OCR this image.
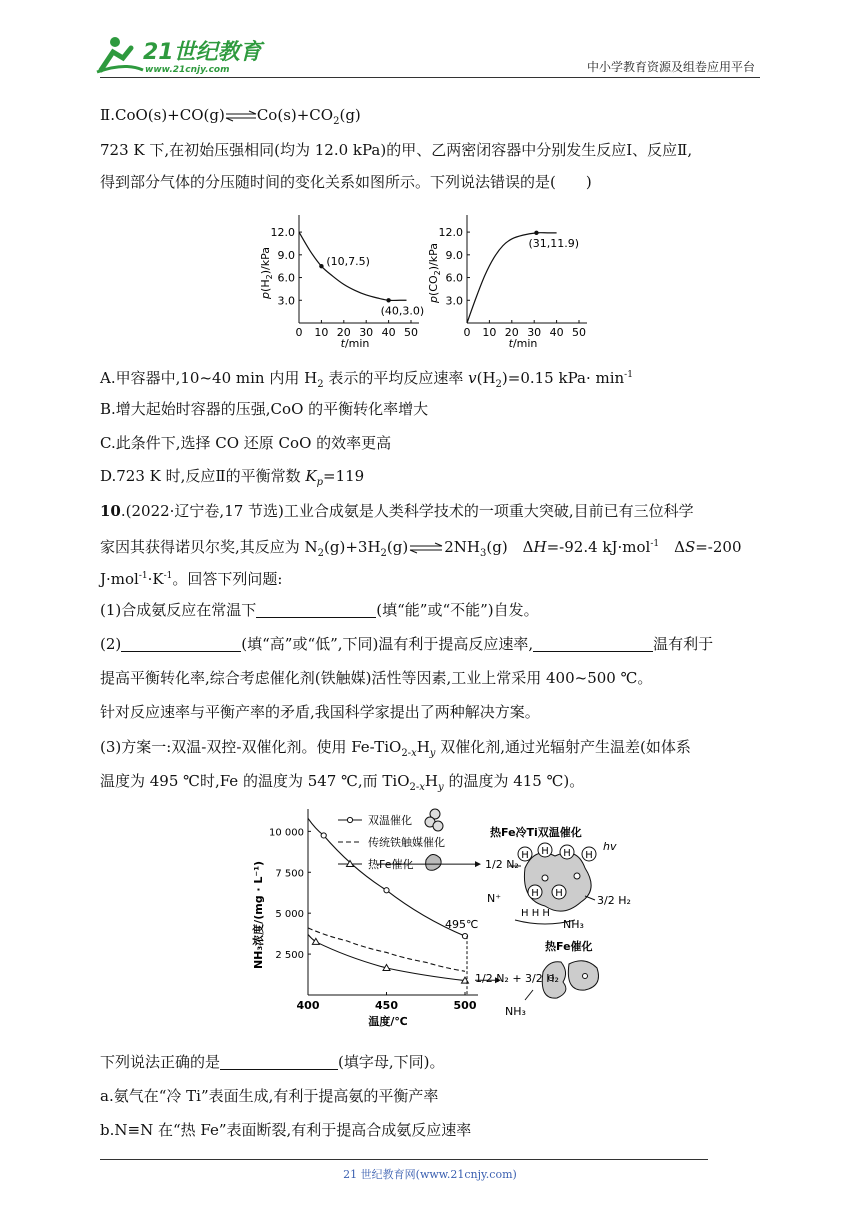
21世纪教育
www.21cnjy.com	中小学教育资源及组卷应用平台
Ⅱ.CoO(s)+CO(g) $Co(s)+CO_2(g)$
723 K 下,在初始压强相同(均为 12.0 kPa)的甲、乙两密闭容器中分别发生反应Ⅰ、反应Ⅱ,
得到部分气体的分压随时间的变化关系如图所示。下列说法错误的是(　　)
0 10 20 30 40 50
3.0
6.0
9.0
12.0
t/min
$p(H_2)$/kPa	(10,7.5)
(40,3.0)
0 10 20 30 40 50
3.0
6.0
9.0
12.0
t/min
$p(CO_2)$/kPa	(31,11.9)
A.甲容器中,10~40 min 内用 $H_2$ 表示的平均反应速率 $v(H_2)=0.15$ $kPa\cdot \min^{-1}$
B.增大起始时容器的压强,CoO 的平衡转化率增大
C.此条件下,选择 CO 还原 CoO 的效率更高
D.723 K 时,反应Ⅱ的平衡常数 $K_p=119$
10.(2022·辽宁卷,17 节选)工业合成氨是人类科学技术的一项重大突破,目前已有三位科学
家因其获得诺贝尔奖,其反应为 $N_2(g)+3H_2(g)$ $2NH_3(g)$　ΔH=-92.4 kJ·mol$^{-1}$　ΔS=-200
$J\cdot mol^{-1}\cdot K^{-1}$。回答下列问题:
(1)合成氨反应在常温下	(填“能”或“不能”)自发。
(2)	(填“高”或“低”,下同)温有利于提高反应速率,	温有利于
提高平衡转化率,综合考虑催化剂(铁触媒)活性等因素,工业上常采用 400~500 ℃。
针对反应速率与平衡产率的矛盾,我国科学家提出了两种解决方案。
(3)方案一:双温-双控-双催化剂。使用 $Fe-TiO_{2-x}H_y$ 双催化剂,通过光辐射产生温差(如体系
温度为 495 ℃时,Fe 的温度为 547 ℃,而 $TiO_{2-x}H_y$ 的温度为 415 ℃)。
400	450	500
2 500
5 000
7 500
10 000
温度/℃
NH₃浓度/(mg · L⁻¹)	495℃
双温催化
传统铁触媒催化
热Fe催化
热Fe冷Ti双温催化
H H H H
H H
1/2 N₂
hv
N⁺
H H H
3/2 H₂
NH₃
热Fe催化
1/2 N₂ + 3/2 H₂
NH₃
下列说法正确的是	(填字母,下同)。
a.氨气在“冷 Ti”表面生成,有利于提高氨的平衡产率
b.N≡N 在“热 Fe”表面断裂,有利于提高合成氨反应速率
21 世纪教育网(www.21cnjy.com)
